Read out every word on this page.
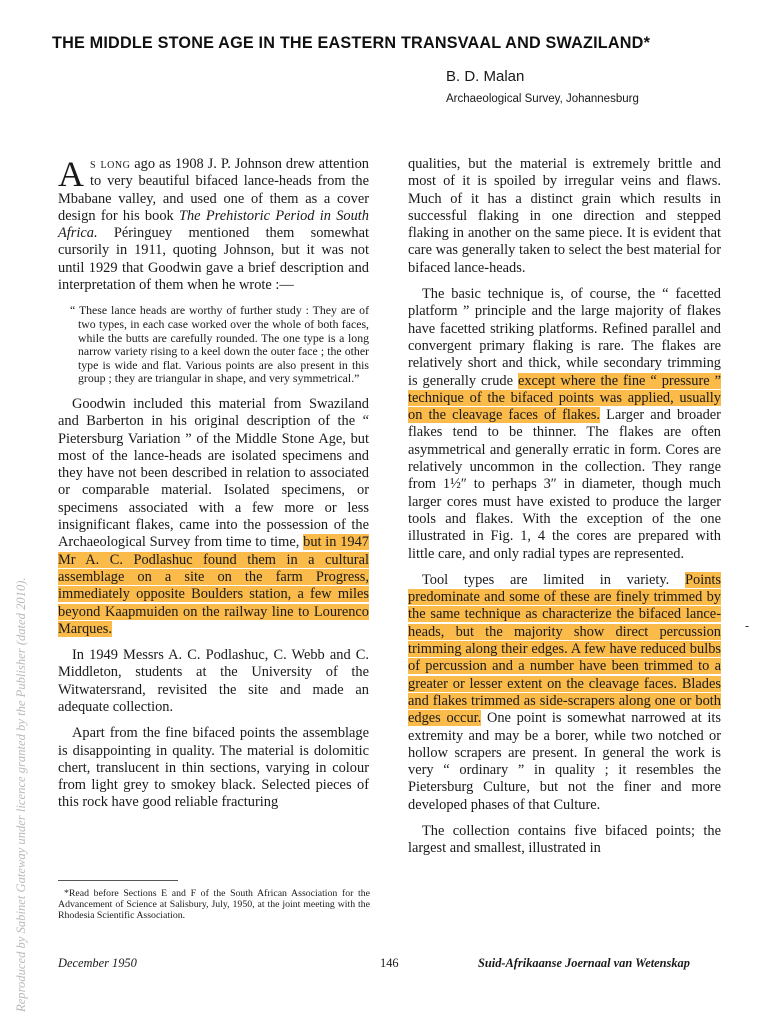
THE MIDDLE STONE AGE IN THE EASTERN TRANSVAAL AND SWAZILAND*
B. D. Malan
Archaeological Survey, Johannesburg
Reproduced by Sabinet Gateway under licence granted by the Publisher (dated 2010).

As long ago as 1908 J. P. Johnson drew attention to very beautiful bifaced lance-heads from the Mbabane valley, and used one of them as a cover design for his book The Prehistoric Period in South Africa. Péringuey mentioned them somewhat cursorily in 1911, quoting Johnson, but it was not until 1929 that Goodwin gave a brief description and interpretation of them when he wrote :—

“ These lance heads are worthy of further study : They are of two types, in each case worked over the whole of both faces, while the butts are carefully rounded. The one type is a long narrow variety rising to a keel down the outer face ; the other type is wide and flat. Various points are also present in this group ; they are triangular in shape, and very symmetrical.”

Goodwin included this material from Swaziland and Barberton in his original description of the “ Pietersburg Variation ” of the Middle Stone Age, but most of the lance-heads are isolated specimens and they have not been described in relation to associated or comparable material. Isolated specimens, or specimens associated with a few more or less insignificant flakes, came into the possession of the Archaeological Survey from time to time, but in 1947 Mr A. C. Podlashuc found them in a cultural assemblage on a site on the farm Progress, immediately opposite Boulders station, a few miles beyond Kaapmuiden on the railway line to Lourenco Marques.

In 1949 Messrs A. C. Podlashuc, C. Webb and C. Middleton, students at the University of the Witwatersrand, revisited the site and made an adequate collection.

Apart from the fine bifaced points the assemblage is disappointing in quality. The material is dolomitic chert, translucent in thin sections, varying in colour from light grey to smokey black. Selected pieces of this rock have good reliable fracturing

qualities, but the material is extremely brittle and most of it is spoiled by irregular veins and flaws. Much of it has a distinct grain which results in successful flaking in one direction and stepped flaking in another on the same piece. It is evident that care was generally taken to select the best material for bifaced lance-heads.

The basic technique is, of course, the “ facetted platform ” principle and the large majority of flakes have facetted striking platforms. Refined parallel and convergent primary flaking is rare. The flakes are relatively short and thick, while secondary trimming is generally crude except where the fine “ pressure ” technique of the bifaced points was applied, usually on the cleavage faces of flakes. Larger and broader flakes tend to be thinner. The flakes are often asymmetrical and generally erratic in form. Cores are relatively uncommon in the collection. They range from 1½″ to perhaps 3″ in diameter, though much larger cores must have existed to produce the larger tools and flakes. With the exception of the one illustrated in Fig. 1, 4 the cores are prepared with little care, and only radial types are represented.

Tool types are limited in variety. Points predominate and some of these are finely trimmed by the same technique as characterize the bifaced lance-heads, but the majority show direct percussion trimming along their edges. A few have reduced bulbs of percussion and a number have been trimmed to a greater or lesser extent on the cleavage faces. Blades and flakes trimmed as side-scrapers along one or both edges occur. One point is somewhat narrowed at its extremity and may be a borer, while two notched or hollow scrapers are present. In general the work is very “ ordinary ” in quality ; it resembles the Pietersburg Culture, but not the finer and more developed phases of that Culture.

The collection contains five bifaced points; the largest and smallest, illustrated in

-
*Read before Sections E and F of the South African Association for the Advancement of Science at Salisbury, July, 1950, at the joint meeting with the Rhodesia Scientific Association.
December 1950	146	Suid-Afrikaanse Joernaal van Wetenskap
